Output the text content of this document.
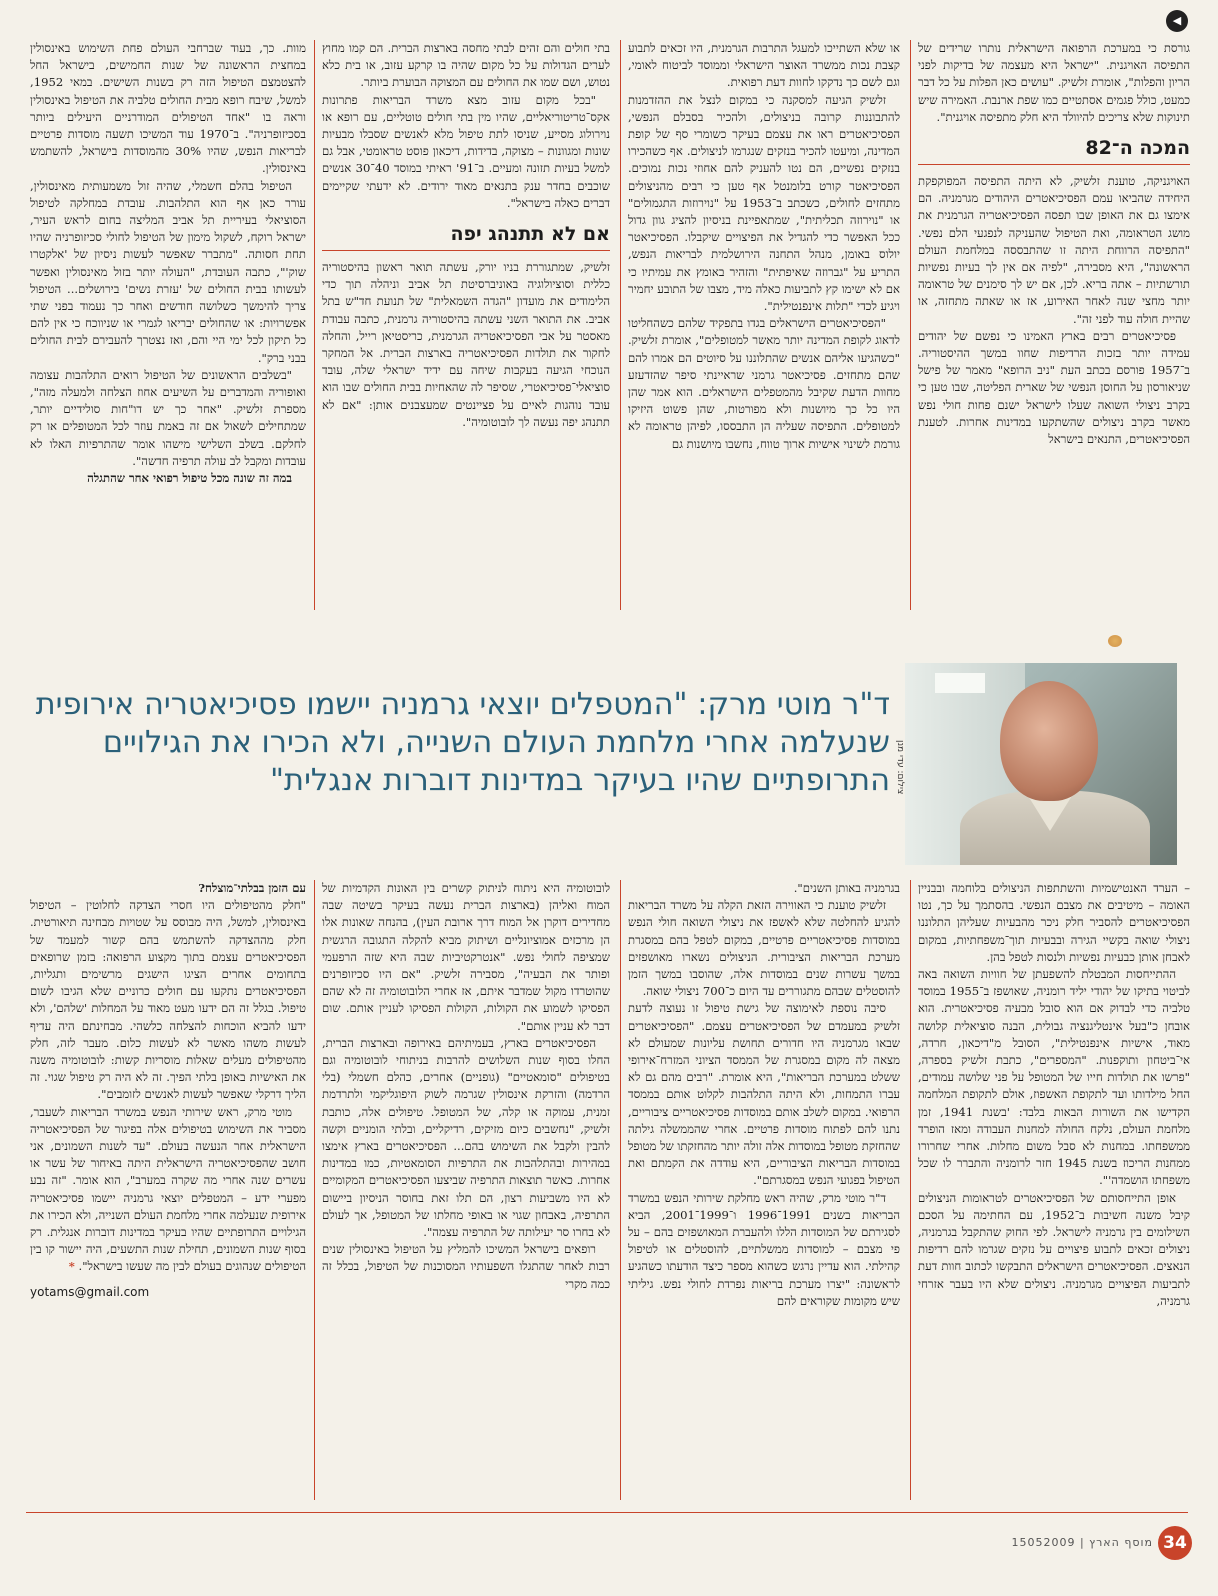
◀

גורסת כי במערכת הרפואה הישראלית נותרו שרידים של התפיסה האויגנית. "ישראל היא מעצמה של בדיקות לפני הריון והפלות", אומרת זלשיק. "עושים כאן הפלות על כל דבר כמעט, כולל פגמים אסתטיים כמו שפת ארנבת. האמירה שיש תינוקות שלא צריכים להיוולד היא חלק מתפיסה אויגנית".

המכה ה־82

האויגניקה, טוענת זלשיק, לא היתה התפיסה המפוקפקת היחידה שהביאו עמם הפסיכיאטרים היהודים מגרמניה. הם אימצו גם את האופן שבו תפסה הפסיכיאטריה הגרמנית את מושג הטראומה, ואת הטיפול שהעניקה לנפגעי הלם נפשי. "התפיסה הרווחת היתה זו שהתבססה במלחמת העולם הראשונה", היא מסבירה, "לפיה אם אין לך בעיות נפשיות תורשתיות – אתה בריא. לכן, אם יש לך סימנים של טראומה יותר מחצי שנה לאחר האירוע, אז או שאתה מתחזה, או שהיית חולה עוד לפני זה".

פסיכיאטרים רבים בארץ האמינו כי נפשם של יהודים עמידה יותר בזכות הרדיפות שחוו במשך ההיסטוריה. ב־1957 פורסם בכתב העת "ניב הרופא" מאמר של פישל שניאורסון על החוסן הנפשי של שארית הפליטה, שבו טען כי בקרב ניצולי השואה שעלו לישראל ישנם פחות חולי נפש מאשר בקרב ניצולים שהשתקעו במדינות אחרות. לטענת הפסיכיאטרים, התנאים בישראל

או שלא השתייכו למעגל התרבות הגרמנית, היו זכאים לתבוע קצבת נכות ממשרד האוצר הישראלי וממוסד לביטוח לאומי, וגם לשם כך נדקקו לחוות דעת רפואית.

זלשיק הגיעה למסקנה כי במקום לנצל את ההזדמנות להתבוננות קרובה בניצולים, ולהכיר בסבלם הנפשי, הפסיכיאטרים ראו את עצמם בעיקר כשומרי סף של קופת המדינה, ומיעטו להכיר בנזקים שנגרמו לניצולים. אף כשהכירו בנזקים נפשיים, הם נטו להעניק להם אחוזי נכות נמוכים. הפסיכיאטר קורט בלומנטל אף טען כי רבים מהניצולים מתחזים לחולים, כשכתב ב־1953 על "נוירוזות התגמולים" או "נוירוזה תכליתית", שמתאפיינת בניסיון להציג גוון גדול ככל האפשר כדי להגדיל את הפיצויים שיקבלו. הפסיכיאטר יולוס באומן, מנהל התחנה הירושלמית לבריאות הנפש, התריע על "גברוזה שאיפתית" והזהיר באומץ את עמיתיו כי אם לא ישימו קץ לתביעות כאלה מיד, מצבו של התובע יחמיר ויגיע לכדי "תלות אינפנטילית".

"הפסיכיאטרים הישראלים בגדו בתפקיד שלהם כשהחליטו לדאוג לקופת המדינה יותר מאשר למטופלים", אומרת זלשיק. "כשהגיעו אליהם אנשים שהתלוננו על סיוטים הם אמרו להם שהם מתחזים. פסיכיאטר גרמני שראיינתי סיפר שהזדעזע מחוות הדעת שקיבל מהמטפלים הישראלים. הוא אמר שהן היו כל כך מיושנות ולא מפורטות, שהן פשוט היזיקו למטופלים. התפיסה שעליה הן התבססו, לפיהן טראומה לא גורמת לשינוי אישיות ארוך טווח, נחשבו מיושנות גם

בתי חולים והם זהים לבתי מחסה בארצות הברית. הם קמו מחוץ לערים הגדולות על כל מקום שהיה בו קרקע עזוב, או בית כלא נטוש, ושם שמו את החולים עם המצוקה הבוערת ביותר.

"בכל מקום עזוב מצא משרד הבריאות פתרונות אקס־טריטוריאליים, שהיו מין בתי חולים טוטליים, עם רופא או נוירולוג מסייע, שניסו לתת טיפול מלא לאנשים שסבלו מבעיות שונות ומגוונות – מצוקה, בדידות, דיכאון פוסט טראומטי, אבל גם למשל בעיות תזונה ומעיים. ב־91' ראיתי במוסד 40־30 אנשים שוכבים בחדר ענק בתנאים מאוד ירודים. לא ידעתי שקיימים דברים כאלה בישראל".

אם לא תתנהג יפה

זלשיק, שמתגוררת בניו יורק, עשתה תואר ראשון בהיסטוריה כללית וסוציולוגיה באוניברסיטת תל אביב וניהלה תוך כדי הלימודים את מועדון "הגדה השמאלית" של תנועת חד"ש בתל אביב. את התואר השני עשתה בהיסטוריה גרמנית, כתבה עבודת מאסטר על אבי הפסיכיאטריה הגרמנית, כריסטיאן רייל, והחלה לחקור את תולדות הפסיכיאטריה בארצות הברית. אל המחקר הנוכחי הגיעה בעקבות שיחה עם ידיד ישראלי שלה, עובד סוציאלי־פסיכיאטרי, שסיפר לה שהאחיות בבית החולים שבו הוא עובד נוהגות לאיים על פציינטים שמעצבנים אותן: "אם לא תתנהג יפה נעשה לך לובוטומיה".

מוות. כך, בעוד שברחבי העולם פחת השימוש באינסולין במחצית הראשונה של שנות החמישים, בישראל החל להצטמצם הטיפול הזה רק בשנות השישים. במאי 1952, למשל, שיבח רופא מבית החולים טלביה את הטיפול באינסולין וראה בו "אחד הטיפולים המודרניים היעילים ביותר בסכיזופרניה". ב־1970 עוד המשיכו תשעה מוסדות פרטיים לבריאות הנפש, שהיו 30% מהמוסדות בישראל, להשתמש באינסולין.

הטיפול בהלם חשמלי, שהיה זול משמעותית מאינסולין, עורר כאן אף הוא התלהבות. עובדת במחלקה לטיפול הסוציאלי בעיריית תל אביב המליצה בחום לראש העיר, ישראל רוקח, לשקול מימון של הטיפול לחולי סכיזופרניה שהיו תחת חסותה. "מתברר שאפשר לעשות ניסיון של 'אלקטרו שוק'", כתבה העובדת, "העולה יותר בזול מאינסולין ואפשר לעשותו בבית החולים של 'עזרת נשים' בירושלים... הטיפול צריך להימשך כשלושה חודשים ואחר כך נעמוד בפני שתי אפשרויות: או שהחולים יבריאו לגמרי או שניווכח כי אין להם כל תיקון לכל ימי היי והם, ואז נצטרך להעבירם לבית החולים בבני ברק".

"בשלבים הראשונים של הטיפול רואים התלהבות עצומה ואופוריה והמדברים על השיעים אחוז הצלחה ולמעלה מזה", מספרת זלשיק. "אחר כך יש דו"חות סולידיים יותר, שמתחילים לשאול אם זה באמת עוזר לכל המטופלים או רק לחלקם. בשלב השלישי מישהו אומר שהתרפיות האלו לא עובדות ומקבל לב עולה תרפיה חדשה".

במה זה שונה מכל טיפול רפואי אחר שהתגלה

צילום: עדי מנן
ד"ר מוטי מרק: "המטפלים יוצאי גרמניה יישמו פסיכיאטריה אירופית שנעלמה אחרי מלחמת העולם השנייה, ולא הכירו את הגילויים התרופתיים שהיו בעיקר במדינות דוברות אנגלית"

– הערד האנטישמיות והשתתפות הניצולים בלוחמה ובבניין האומה – מיטיבים את מצבם הנפשי. בהסתמך על כך, נטו הפסיכיאטרים להסביר חלק ניכר מהבעיות שעליהן התלוננו ניצולי שואה בקשיי הגירה ובבעיות תוך־משפחתיות, במקום לאבחן אותן כבעיות נפשיות ולנסות לטפל בהן.

ההתייחסות המבטלת להשפעתן של חוויות השואה באה לביטוי בתיקו של יהודי יליד רומניה, שאושפז ב־1955 במוסד טלביה כדי לבדוק אם הוא סובל מבעיה פסיכיאטרית. הוא אובחן כ"בעל אינטליגנציה גבולית, הבנה סוציאלית קלושה מאוד, אישיות אינפנטילית", הסובל מ"דיכאון, חרדה, אי־ביטחון ותוקפנות. "המספרים", כתבת זלשיק בספרה, "פרשו את תולדות חייו של המטופל על פני שלושה עמודים, החל מילדותו ועד לתקופת האשפוז, אולם לתקופת המלחמה הקדישו את השורות הבאות בלבד: 'בשנת 1941, זמן מלחמת העולם, נלקח החולה למחנות העבודה ומאז הופרד ממשפחתו. במחנות לא סבל משום מחלות. אחרי שחרורו ממחנות הריכוז בשנת 1945 חזר לרומניה והתברר לו שכל משפחתו הושמדה'".

אופן התייחסותם של הפסיכיאטרים לטראומות הניצולים קיבל משנה חשיבות ב־1952, עם החתימה על הסכם השילומים בין גרמניה לישראל. לפי החוק שהתקבל בגרמניה, ניצולים זכאים לתבוע פיצויים על נזקים שגרמו להם רדיפות הנאצים. הפסיכיאטרים הישראלים התבקשו לכתוב חוות דעת לתביעות הפיצויים מגרמניה. ניצולים שלא היו בעבר אזרחי גרמניה,

בגרמניה באותן השנים".

זלשיק טוענת כי האווירה הזאת הקלה על משרד הבריאות להגיע להחלטה שלא לאשפז את ניצולי השואה חולי הנפש במוסדות פסיכיאטריים פרטיים, במקום לטפל בהם במסגרת מערכת הבריאות הציבורית. הניצולים נשארו מאושפזים במשך עשרות שנים במוסדות אלה, שהוסבו במשך הזמן להוסטלים שבהם מתגוררים עד היום כ־700 ניצולי שואה.

סיבה נוספת לאימוצה של גישת טיפול זו נעוצה לדעת זלשיק במעמדם של הפסיכיאטרים עצמם. "הפסיכיאטרים שבאו מגרמניה היו חדורים תחושת עליונות שמעולם לא מצאה לה מקום במסגרת של הממסד הציוני המזרח־אירופי ששלט במערכת הבריאות", היא אומרת. "רבים מהם גם לא עברו התמחות, ולא היתה התלהבות לקלוט אותם בממסד הרפואי. במקום לשלב אותם במוסדות פסיכיאטריים ציבוריים, נתנו להם לפתוח מוסדות פרטיים. אחרי שהממשלה גילתה שהחזקת מטופל במוסדות אלה זולה יותר מהחזקתו של מטופל במוסדות הבריאות הציבוריים, היא עודדה את הקמתם ואת הטיפול בפגועי הנפש במסגרתם".

ד"ר מוטי מרק, שהיה ראש מחלקת שירותי הנפש במשרד הבריאות בשנים 1991־1996 ו־1999־2001, הביא לסגירתם של המוסדות הללו ולהעברת המאושפזים בהם – על פי מצבם – למוסדות ממשלתיים, להוסטלים או לטיפול קהילתי. הוא עדיין נרגש כשהוא מספר כיצד הודעתו כשהגיע לראשונה: "יצרו מערכת בריאות נפרדת לחולי נפש. גיליתי שיש מקומות שקוראים להם

לובוטומיה היא ניתוח לניתוק קשרים בין האונות הקדמיות של המוח ואליהן (בארצות הברית נעשה בעיקר בשיטה שבה מחדירים דוקרן אל המוח דרך ארובת העין), בהנחה שאונות אלו הן מרכזים אמוציונליים ושיתוק מביא להקלה התגובה הרגשית שמציפה לחולי נפש. "אנטרקטיביות שבה היא שזה הרפעמי ופותר את הבעיה", מסבירה זלשיק. "אם היו סכיזופרנים שהוטרדו מקול שמדבר איתם, אז אחרי הלובוטומיה זה לא שהם הפסיקו לשמוע את הקולות, הקולות הפסיקו לעניין אותם. שום דבר לא עניין אותם".

הפסיכיאטרים בארץ, בעמיתיהם באירופה ובארצות הברית, החלו בסוף שנות השלושים להרבות בניתוחי לובוטומיה וגם בטיפולים "סומאטיים" (גופניים) אחרים, כהלם חשמלי (בלי הרדמה) והזרקת אינסולין שגרמה לשוק היפוגליקמי ולתרדמת זמנית, עמוקה או קלה, של המטופל. טיפולים אלה, כותבת זלשיק, "נחשבים כיום מזיקים, רדיקליים, ובלתי הומניים וקשה להבין ולקבל את השימוש בהם... הפסיכיאטרים בארץ אימצו במהירות ובהתלהבות את התרפיות הסומאטיות, כמו במדינות אחרות. כאשר תוצאות התרפיה שביצעו הפסיכיאטרים המקומיים לא היו משביעות רצון, הם תלו זאת בחוסר הניסיון ביישום התרפיה, באבחון שגוי או באופי מחלתו של המטופל, אך לעולם לא בחרו סר יעילותה של התרפיה עצמה".

רופאים בישראל המשיכו להמליץ על הטיפול באינסולין שנים רבות לאחר שהתגלו השפעותיו המסוכנות של הטיפול, בכלל זה כמה מקרי

עם הזמן בבלתי־מוצלח?

"חלק מהטיפולים היו חסרי הצדקה לחלוטין – הטיפול באינסולין, למשל, היה מבוסס על שטויות מבחינה תיאורטית. חלק מההצדקה להשתמש בהם קשור למעמד של הפסיכיאטרים עצמם בתוך מקצוע הרפואה: בזמן שרופאים בתחומים אחרים הציגו הישגים מרשימים ותגליות, הפסיכיאטרים נתקעו עם חולים כרוניים שלא הגיבו לשום טיפול. בגלל זה הם ידעו מעט מאוד על המחלות 'שלהם', ולא ידעו להביא הוכחות להצלחה כלשהי. מבחינתם היה עדיף לעשות משהו מאשר לא לעשות כלום. מעבר לזה, חלק מהטיפולים מעלים שאלות מוסריות קשות: לובוטומיה משנה את האישיות באופן בלתי הפיך. זה לא היה רק טיפול שגוי. זה הליך דרקלי שאפשר לעשות לאנשים לזומבים".

מוטי מרק, ראש שירותי הנפש במשרד הבריאות לשעבר, מסביר את השימוש בטיפולים אלה בפיגור של הפסיכיאטריה הישראלית אחר הנעשה בעולם. "עד לשנות השמונים, אני חושב שהפסיכיאטריה הישראלית היתה באיחור של עשר או עשרים שנה אחרי מה שקרה במערב", הוא אומר. "זה נבע מפערי ידע – המטפלים יוצאי גרמניה יישמו פסיכיאטריה אירופית שנעלמה אחרי מלחמת העולם השנייה, ולא הכירו את הגילויים התרופתיים שהיו בעיקר במדינות דוברות אנגלית. רק בסוף שנות השמונים, תחילת שנות התשעים, היה יישור קו בין הטיפולים שנהוגים בעולם לבין מה שעשו בישראל". *

yotams@gmail.com
34
מוסף הארץ | 15052009
